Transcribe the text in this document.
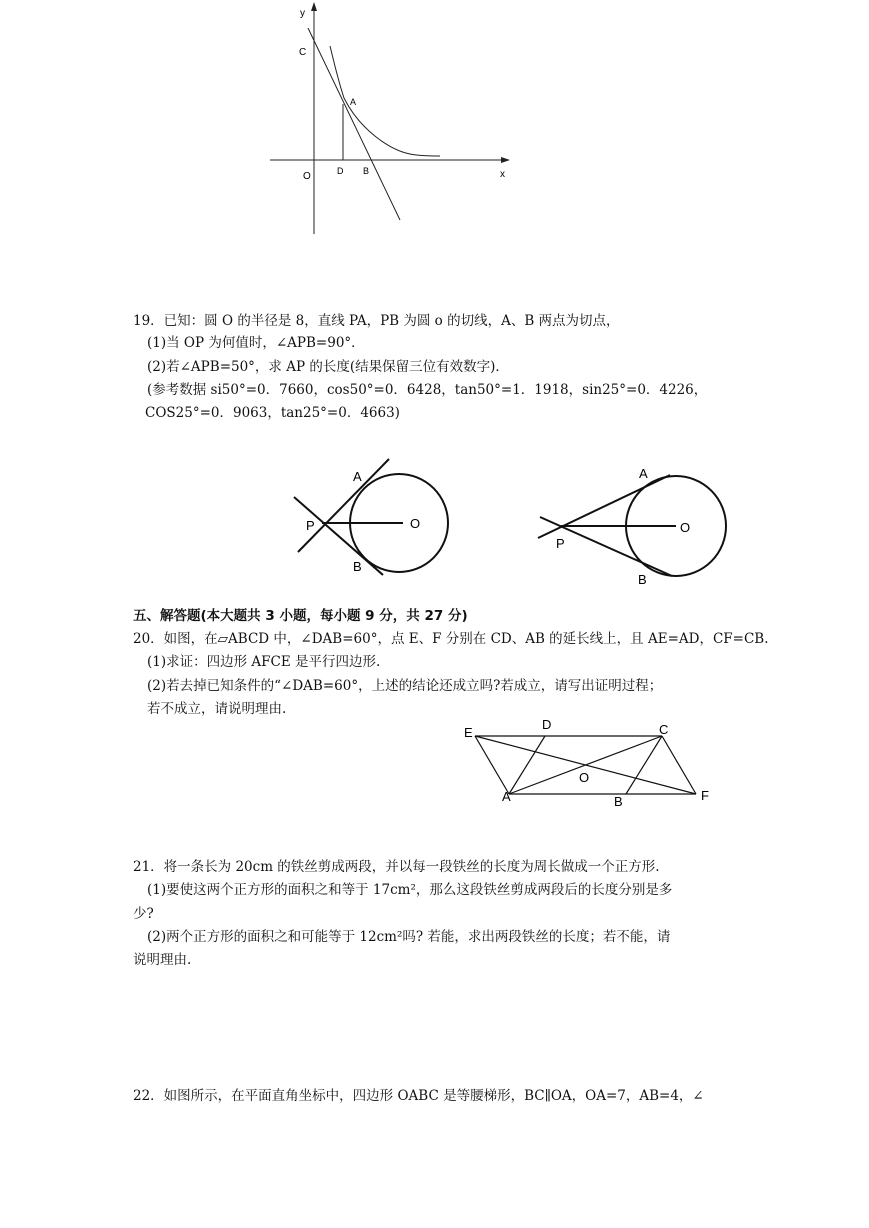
y
C
A
O	D B	x
19．已知：圆 O 的半径是 8，直线 PA，PB 为圆 o 的切线，A、B 两点为切点，
(1)当 OP 为何值时，∠APB=90°．
(2)若∠APB=50°，求 AP 的长度(结果保留三位有效数字)．
(参考数据 si50°=0．7660，cos50°=0．6428，tan50°=1．1918，sin25°=0．4226，
COS25°=0．9063，tan25°=0．4663)
A
P	O
B
A
P
O
B
五、解答题(本大题共 3 小题，每小题 9 分，共 27 分)
20．如图，在▱ABCD 中，∠DAB=60°，点 E、F 分别在 CD、AB 的延长线上，且 AE=AD，CF=CB.
(1)求证：四边形 AFCE 是平行四边形.
(2)若去掉已知条件的“∠DAB=60°，上述的结论还成立吗?若成立，请写出证明过程；
若不成立，请说明理由.
E
D	C
O
A	B	F
21．将一条长为 20cm 的铁丝剪成两段，并以每一段铁丝的长度为周长做成一个正方形.
(1)要使这两个正方形的面积之和等于 17cm²，那么这段铁丝剪成两段后的长度分别是多
少?
(2)两个正方形的面积之和可能等于 12cm²吗? 若能，求出两段铁丝的长度；若不能，请
说明理由.
22．如图所示，在平面直角坐标中，四边形 OABC 是等腰梯形，BC∥OA，OA=7，AB=4，∠
